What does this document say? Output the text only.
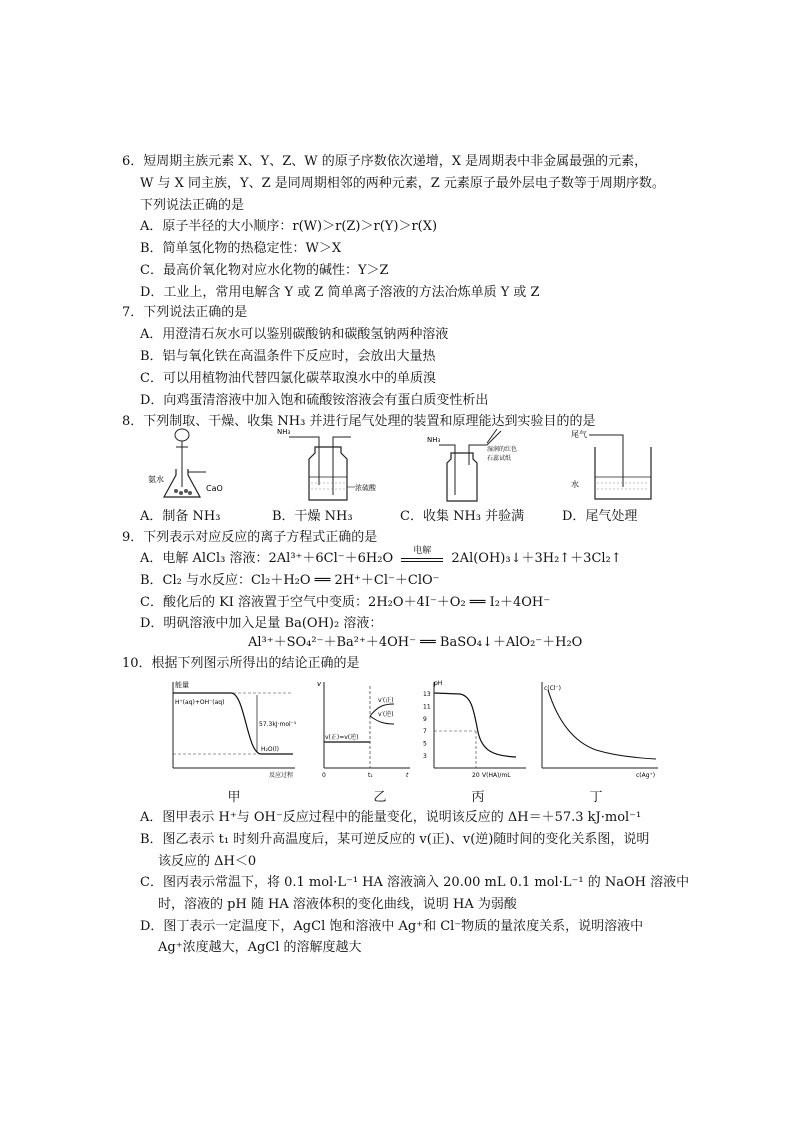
6．短周期主族元素 X、Y、Z、W 的原子序数依次递增，X 是周期表中非金属最强的元素，
W 与 X 同主族，Y、Z 是同周期相邻的两种元素，Z 元素原子最外层电子数等于周期序数。
下列说法正确的是
A．原子半径的大小顺序：r(W)＞r(Z)＞r(Y)＞r(X)
B．简单氢化物的热稳定性：W＞X
C．最高价氧化物对应水化物的碱性：Y＞Z
D．工业上，常用电解含 Y 或 Z 简单离子溶液的方法冶炼单质 Y 或 Z
7．下列说法正确的是
A．用澄清石灰水可以鉴别碳酸钠和碳酸氢钠两种溶液
B．铝与氧化铁在高温条件下反应时，会放出大量热
C．可以用植物油代替四氯化碳萃取溴水中的单质溴
D．向鸡蛋清溶液中加入饱和硫酸铵溶液会有蛋白质变性析出
8．下列制取、干燥、收集 NH₃ 并进行尾气处理的装置和原理能达到实验目的的是
氨水
CaO
NH₃
浓硫酸
NH₃
湿润的红色
石蕊试纸
尾气
水
A．制备 NH₃	B．干燥 NH₃	C．收集 NH₃ 并验满	D．尾气处理
9．下列表示对应反应的离子方程式正确的是
A．电解 AlCl₃ 溶液：2Al³⁺＋6Cl⁻＋6H₂O	电解	2Al(OH)₃↓＋3H₂↑＋3Cl₂↑
B．Cl₂ 与水反应：Cl₂＋H₂O ══ 2H⁺＋Cl⁻＋ClO⁻
C．酸化后的 KI 溶液置于空气中变质：2H₂O＋4I⁻＋O₂ ══ I₂＋4OH⁻
D．明矾溶液中加入足量 Ba(OH)₂ 溶液：
Al³⁺＋SO₄²⁻＋Ba²⁺＋4OH⁻ ══ BaSO₄↓＋AlO₂⁻＋H₂O
10．根据下列图示所得出的结论正确的是
能量
H⁺(aq)+OH⁻(aq)
57.3kJ·mol⁻¹
H₂O(l)
反应过程
甲
v
v(正)=v(逆)
v′(正)
v′(逆)
0	t₁	t
乙
pH
13
11
9
7
5
3
20 V(HA)/mL
丙
c(Cl⁻)
c(Ag⁺)
丁
A．图甲表示 H⁺与 OH⁻反应过程中的能量变化，说明该反应的 ΔH＝＋57.3 kJ·mol⁻¹
B．图乙表示 t₁ 时刻升高温度后，某可逆反应的 v(正)、v(逆)随时间的变化关系图，说明
该反应的 ΔH＜0
C．图丙表示常温下，将 0.1 mol·L⁻¹ HA 溶液滴入 20.00 mL 0.1 mol·L⁻¹ 的 NaOH 溶液中
时，溶液的 pH 随 HA 溶液体积的变化曲线，说明 HA 为弱酸
D．图丁表示一定温度下，AgCl 饱和溶液中 Ag⁺和 Cl⁻物质的量浓度关系，说明溶液中
Ag⁺浓度越大，AgCl 的溶解度越大
